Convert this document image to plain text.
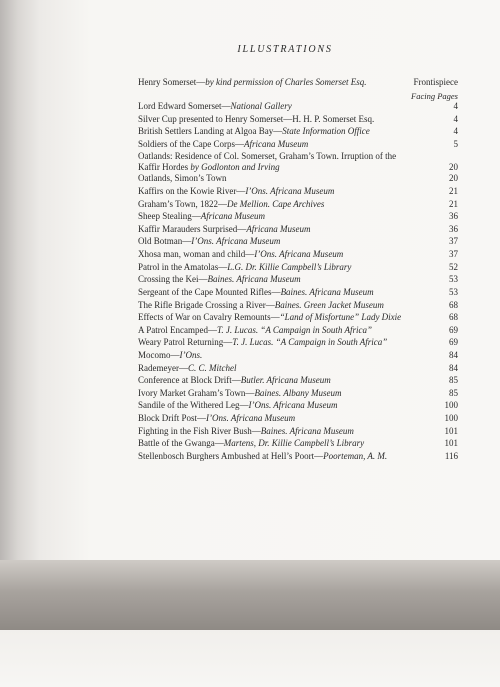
ILLUSTRATIONS
Henry Somerset—by kind permission of Charles Somerset Esq.	Frontispiece
Facing Pages
Lord Edward Somerset—National Gallery	4
Silver Cup presented to Henry Somerset—H. H. P. Somerset Esq.	4
British Settlers Landing at Algoa Bay—State Information Office	4
Soldiers of the Cape Corps—Africana Museum	5
Oatlands: Residence of Col. Somerset, Graham’s Town. Irruption of the Kaffir Hordes by Godlonton and Irving	20
Oatlands, Simon’s Town	20
Kaffirs on the Kowie River—I’Ons. Africana Museum	21
Graham’s Town, 1822—De Mellion. Cape Archives	21
Sheep Stealing—Africana Museum	36
Kaffir Marauders Surprised—Africana Museum	36
Old Botman—I’Ons. Africana Museum	37
Xhosa man, woman and child—I’Ons. Africana Museum	37
Patrol in the Amatolas—L.G. Dr. Killie Campbell’s Library	52
Crossing the Kei—Baines. Africana Museum	53
Sergeant of the Cape Mounted Rifles—Baines. Africana Museum	53
The Rifle Brigade Crossing a River—Baines. Green Jacket Museum	68
Effects of War on Cavalry Remounts—“Land of Misfortune” Lady Dixie	68
A Patrol Encamped—T. J. Lucas. “A Campaign in South Africa”	69
Weary Patrol Returning—T. J. Lucas. “A Campaign in South Africa”	69
Mocomo—I’Ons.	84
Rademeyer—C. C. Mitchel	84
Conference at Block Drift—Butler. Africana Museum	85
Ivory Market Graham’s Town—Baines. Albany Museum	85
Sandile of the Withered Leg—I’Ons. Africana Museum	100
Block Drift Post—I’Ons. Africana Museum	100
Fighting in the Fish River Bush—Baines. Africana Museum	101
Battle of the Gwanga—Martens, Dr. Killie Campbell’s Library	101
Stellenbosch Burghers Ambushed at Hell’s Poort—Poorteman, A. M.	116
